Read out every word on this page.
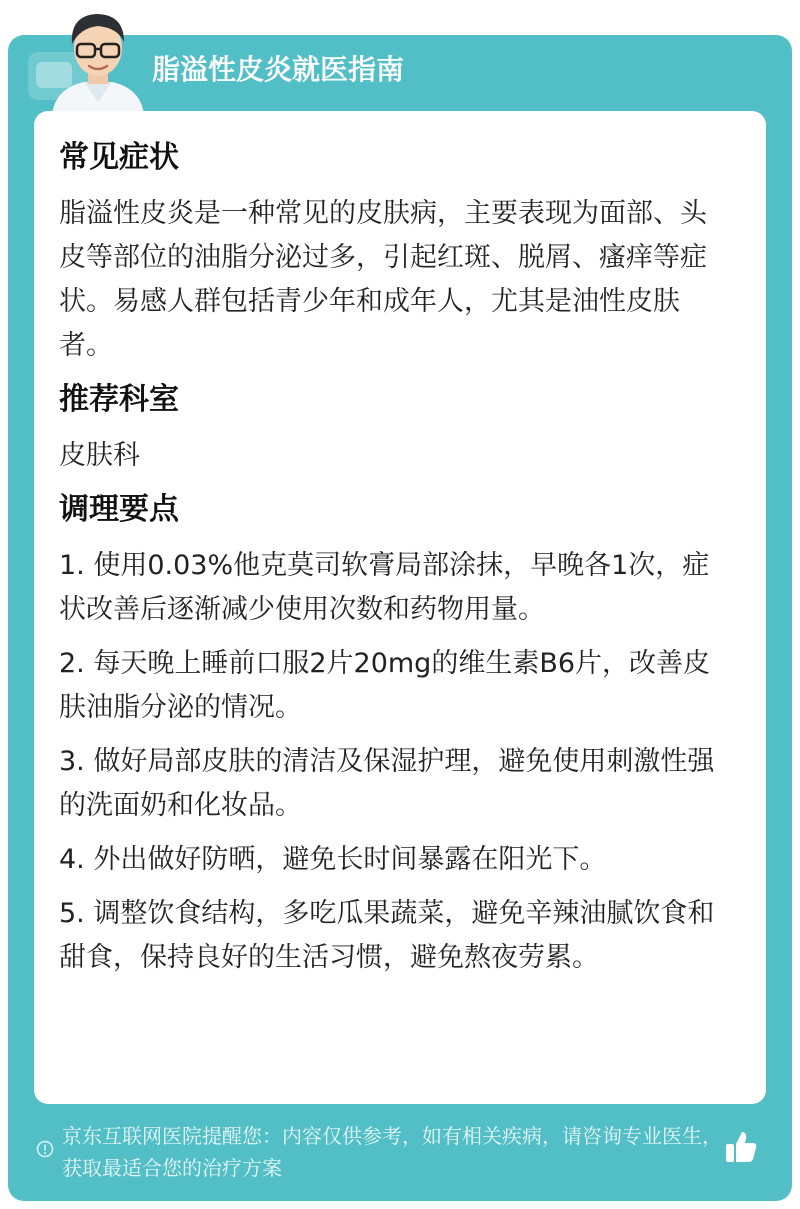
脂溢性皮炎就医指南
常见症状
脂溢性皮炎是一种常见的皮肤病，主要表现为面部、头皮等部位的油脂分泌过多，引起红斑、脱屑、瘙痒等症状。易感人群包括青少年和成年人，尤其是油性皮肤者。
推荐科室
皮肤科
调理要点
1. 使用0.03%他克莫司软膏局部涂抹，早晚各1次，症状改善后逐渐减少使用次数和药物用量。
2. 每天晚上睡前口服2片20mg的维生素B6片，改善皮肤油脂分泌的情况。
3. 做好局部皮肤的清洁及保湿护理，避免使用刺激性强的洗面奶和化妆品。
4. 外出做好防晒，避免长时间暴露在阳光下。
5. 调整饮食结构，多吃瓜果蔬菜，避免辛辣油腻饮食和甜食，保持良好的生活习惯，避免熬夜劳累。
京东互联网医院提醒您：内容仅供参考，如有相关疾病，请咨询专业医生，获取最适合您的治疗方案
